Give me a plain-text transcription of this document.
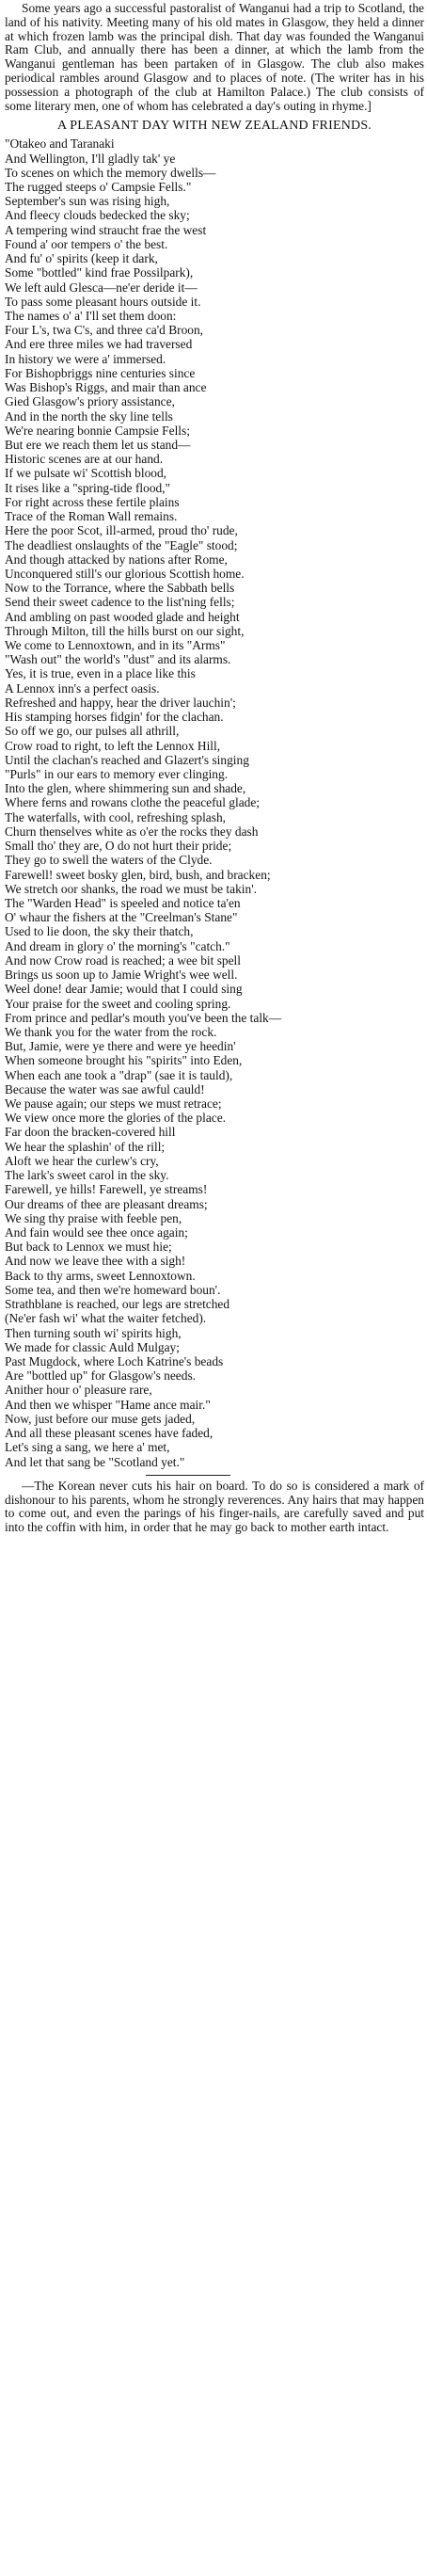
Some years ago a successful pastoralist of Wanganui had a trip to Scotland, the land of his nativity. Meeting many of his old mates in Glasgow, they held a dinner at which frozen lamb was the principal dish. That day was founded the Wanganui Ram Club, and annually there has been a dinner, at which the lamb from the Wanganui gentleman has been partaken of in Glasgow. The club also makes periodical rambles around Glasgow and to places of note. (The writer has in his possession a photograph of the club at Hamilton Palace.) The club consists of some literary men, one of whom has celebrated a day's outing in rhyme.]

A PLEASANT DAY WITH NEW ZEALAND FRIENDS.
"Otakeo and Taranaki
And Wellington, I'll gladly tak' ye
To scenes on which the memory dwells—
The rugged steeps o' Campsie Fells."
September's sun was rising high,
And fleecy clouds bedecked the sky;
A tempering wind straucht frae the west
Found a' oor tempers o' the best.
And fu' o' spirits (keep it dark,
Some "bottled" kind frae Possilpark),
We left auld Glesca—ne'er deride it—
To pass some pleasant hours outside it.
The names o' a' I'll set them doon:
Four L's, twa C's, and three ca'd Broon,
And ere three miles we had traversed
In history we were a' immersed.
For Bishopbriggs nine centuries since
Was Bishop's Riggs, and mair than ance
Gied Glasgow's priory assistance,
And in the north the sky line tells
We're nearing bonnie Campsie Fells;
But ere we reach them let us stand—
Historic scenes are at our hand.
If we pulsate wi' Scottish blood,
It rises like a "spring-tide flood,"
For right across these fertile plains
Trace of the Roman Wall remains.
Here the poor Scot, ill-armed, proud tho' rude,
The deadliest onslaughts of the "Eagle" stood;
And though attacked by nations after Rome,
Unconquered still's our glorious Scottish home.
Now to the Torrance, where the Sabbath bells
Send their sweet cadence to the list'ning fells;
And ambling on past wooded glade and height
Through Milton, till the hills burst on our sight,
We come to Lennoxtown, and in its "Arms"
"Wash out" the world's "dust" and its alarms.
Yes, it is true, even in a place like this
A Lennox inn's a perfect oasis.
Refreshed and happy, hear the driver lauchin';
His stamping horses fidgin' for the clachan.
So off we go, our pulses all athrill,
Crow road to right, to left the Lennox Hill,
Until the clachan's reached and Glazert's singing
"Purls" in our ears to memory ever clinging.
Into the glen, where shimmering sun and shade,
Where ferns and rowans clothe the peaceful glade;
The waterfalls, with cool, refreshing splash,
Churn thenselves white as o'er the rocks they dash
Small tho' they are, O do not hurt their pride;
They go to swell the waters of the Clyde.
Farewell! sweet bosky glen, bird, bush, and bracken;
We stretch oor shanks, the road we must be takin'.
The "Warden Head" is speeled and notice ta'en
O' whaur the fishers at the "Creelman's Stane"
Used to lie doon, the sky their thatch,
And dream in glory o' the morning's "catch."
And now Crow road is reached; a wee bit spell
Brings us soon up to Jamie Wright's wee well.
Weel done! dear Jamie; would that I could sing
Your praise for the sweet and cooling spring.
From prince and pedlar's mouth you've been the talk—
We thank you for the water from the rock.
But, Jamie, were ye there and were ye heedin'
When someone brought his "spirits" into Eden,
When each ane took a "drap" (sae it is tauld),
Because the water was sae awful cauld!
We pause again; our steps we must retrace;
We view once more the glories of the place.
Far doon the bracken-covered hill
We hear the splashin' of the rill;
Aloft we hear the curlew's cry,
The lark's sweet carol in the sky.
Farewell, ye hills! Farewell, ye streams!
Our dreams of thee are pleasant dreams;
We sing thy praise with feeble pen,
And fain would see thee once again;
But back to Lennox we must hie;
And now we leave thee with a sigh!
Back to thy arms, sweet Lennoxtown.
Some tea, and then we're homeward boun'.
Strathblane is reached, our legs are stretched
(Ne'er fash wi' what the waiter fetched).
Then turning south wi' spirits high,
We made for classic Auld Mulgay;
Past Mugdock, where Loch Katrine's beads
Are "bottled up" for Glasgow's needs.
Anither hour o' pleasure rare,
And then we whisper "Hame ance mair."
Now, just before our muse gets jaded,
And all these pleasant scenes have faded,
Let's sing a sang, we here a' met,
And let that sang be "Scotland yet."

—The Korean never cuts his hair on board. To do so is considered a mark of dishonour to his parents, whom he strongly reverences. Any hairs that may happen to come out, and even the parings of his finger-nails, are carefully saved and put into the coffin with him, in order that he may go back to mother earth intact.
